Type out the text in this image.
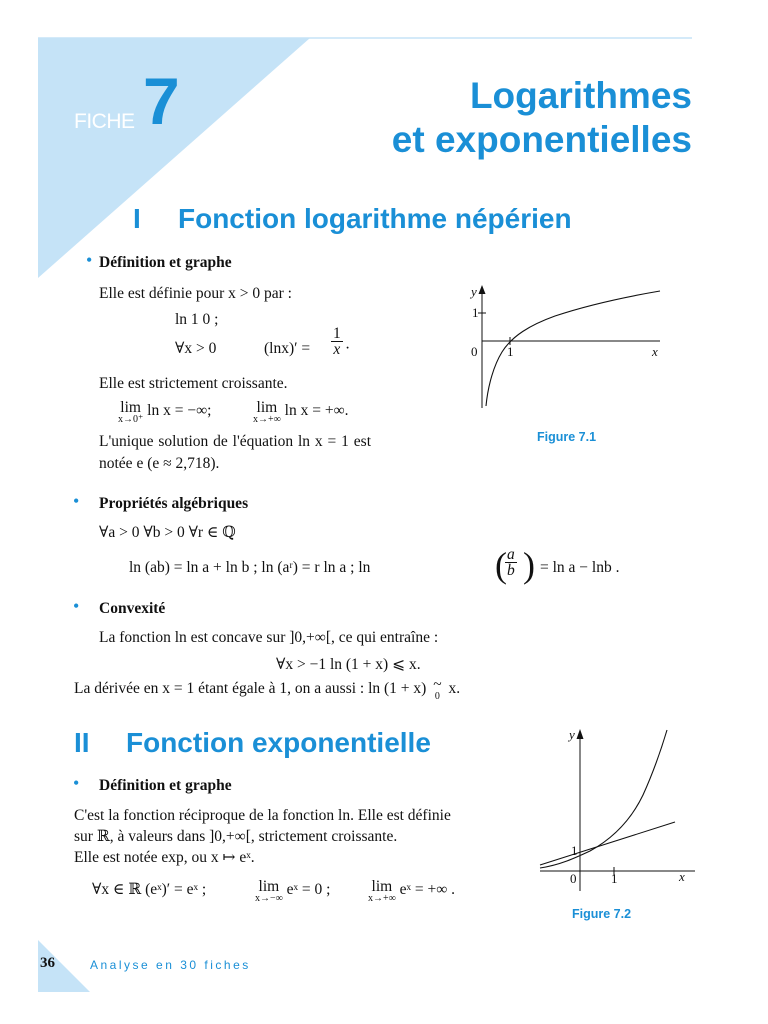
FICHE 7	Logarithmes
et exponentielles
I Fonction logarithme népérien
• Définition et graphe
Elle est définie pour x > 0 par :
ln 1 0 ;
∀x > 0	$(\ln x)' = \frac{1}{x}$ ·
Elle est strictement croissante.
lim
x→0⁺
ln x = −∞;	lim
x→+∞
ln x = +∞.
L'unique solution de l'équation ln x = 1 est
notée e (e ≈ 2,718).
y
1
0 1	x
Figure 7.1
• Propriétés algébriques
∀a > 0 ∀b > 0 ∀r ∈ ℚ
ln (ab) = ln a + ln b ; ln (aʳ) = r ln a ; ln	(
$\frac{a}{b}$ ) = ln a − lnb .
• Convexité
La fonction ln est concave sur ]0,+∞[, ce qui entraîne :
∀x > −1 ln (1 + x) ⩽ x.
La dérivée en x = 1 étant égale à 1, on a aussi : ln (1 + x) ~
0 x.
II Fonction exponentielle
• Définition et graphe
C'est la fonction réciproque de la fonction ln. Elle est définie
sur ℝ, à valeurs dans ]0,+∞[, strictement croissante.
Elle est notée exp, ou x ↦ eˣ.
∀x ∈ ℝ (eˣ)′ = eˣ ;	lim
x→−∞
eˣ = 0 ;	lim
x→+∞
eˣ = +∞ .
y
1
0	1	x
Figure 7.2
36	Analyse en 30 fiches
